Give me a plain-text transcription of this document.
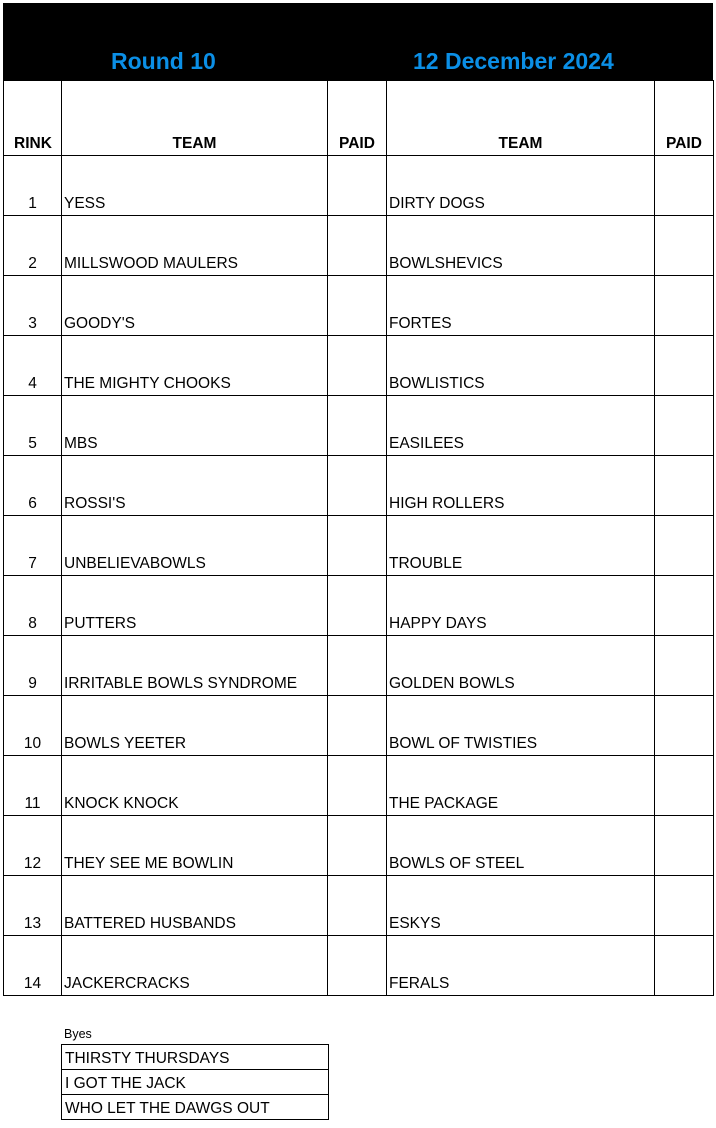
Round 10	12 December 2024
RINK	TEAM	PAID	TEAM	PAID
1	YESS		DIRTY DOGS	
2	MILLSWOOD MAULERS		BOWLSHEVICS	
3	GOODY'S		FORTES	
4	THE MIGHTY CHOOKS		BOWLISTICS	
5	MBS		EASILEES	
6	ROSSI'S		HIGH ROLLERS	
7	UNBELIEVABOWLS		TROUBLE	
8	PUTTERS		HAPPY DAYS	
9	IRRITABLE BOWLS SYNDROME		GOLDEN BOWLS	
10	BOWLS YEETER		BOWL OF TWISTIES	
11	KNOCK KNOCK		THE PACKAGE	
12	THEY SEE ME BOWLIN		BOWLS OF STEEL	
13	BATTERED HUSBANDS		ESKYS	
14	JACKERCRACKS		FERALS	
Byes
THIRSTY THURSDAYS
I GOT THE JACK
WHO LET THE DAWGS OUT
